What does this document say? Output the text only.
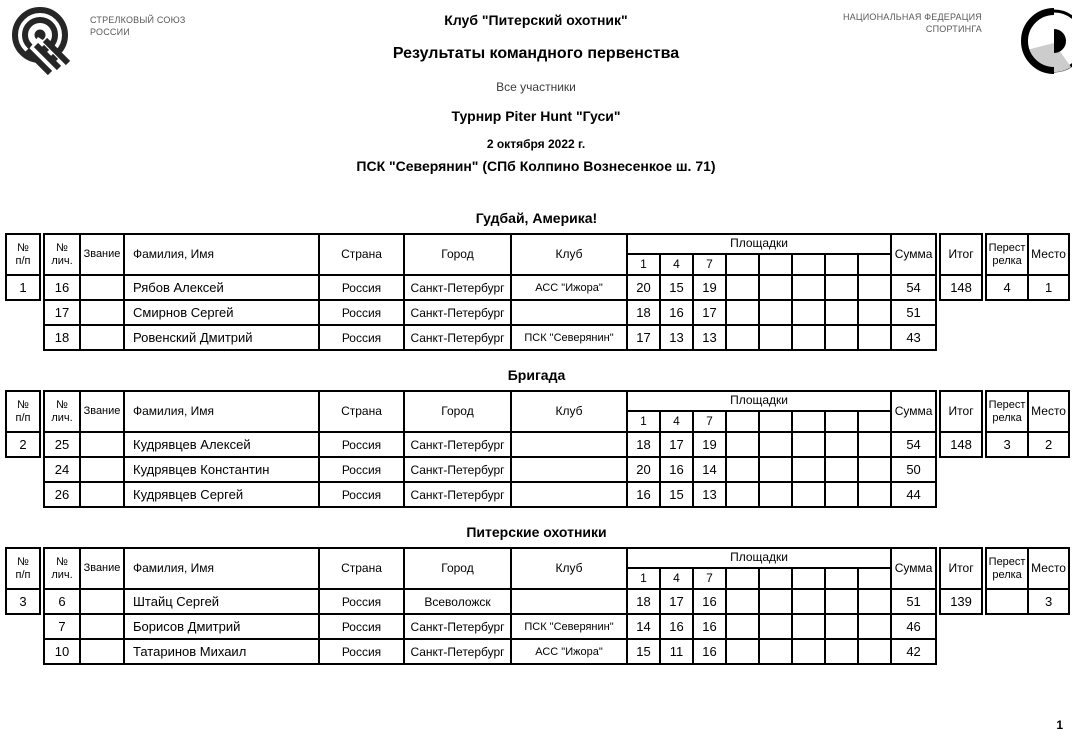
СТРЕЛКОВЫЙ СОЮЗ
РОССИИ
НАЦИОНАЛЬНАЯ ФЕДЕРАЦИЯ
СПОРТИНГА
Клуб "Питерский охотник"
Результаты командного первенства
Все участники
Турнир Piter Hunt "Гуси"
2 октября 2022 г.
ПСК "Северянин" (СПб Колпино Вознесенкое ш. 71)
Гудбай, Америка!
№
п/п		№
лич.	Звание	Фамилия, Имя	Страна	Город	Клуб	Площадки								Сумма		Итог		Перест
релка	Место
								1	4	7											
1		16		Рябов Алексей	Россия	Санкт-Петербург	АСС "Ижора"	20	15	19						54		148		4	1
		17		Смирнов Сергей	Россия	Санкт-Петербург		18	16	17						51					
		18		Ровенский Дмитрий	Россия	Санкт-Петербург	ПСК "Северянин"	17	13	13						43					
Бригада
№
п/п		№
лич.	Звание	Фамилия, Имя	Страна	Город	Клуб	Площадки								Сумма		Итог		Перест
релка	Место
								1	4	7											
2		25		Кудрявцев Алексей	Россия	Санкт-Петербург		18	17	19						54		148		3	2
		24		Кудрявцев Константин	Россия	Санкт-Петербург		20	16	14						50					
		26		Кудрявцев Сергей	Россия	Санкт-Петербург		16	15	13						44					
Питерские охотники
№
п/п		№
лич.	Звание	Фамилия, Имя	Страна	Город	Клуб	Площадки								Сумма		Итог		Перест
релка	Место
								1	4	7											
3		6		Штайц Сергей	Россия	Всеволожск		18	17	16						51		139			3
		7		Борисов Дмитрий	Россия	Санкт-Петербург	ПСК "Северянин"	14	16	16						46					
		10		Татаринов Михаил	Россия	Санкт-Петербург	АСС "Ижора"	15	11	16						42					
1
